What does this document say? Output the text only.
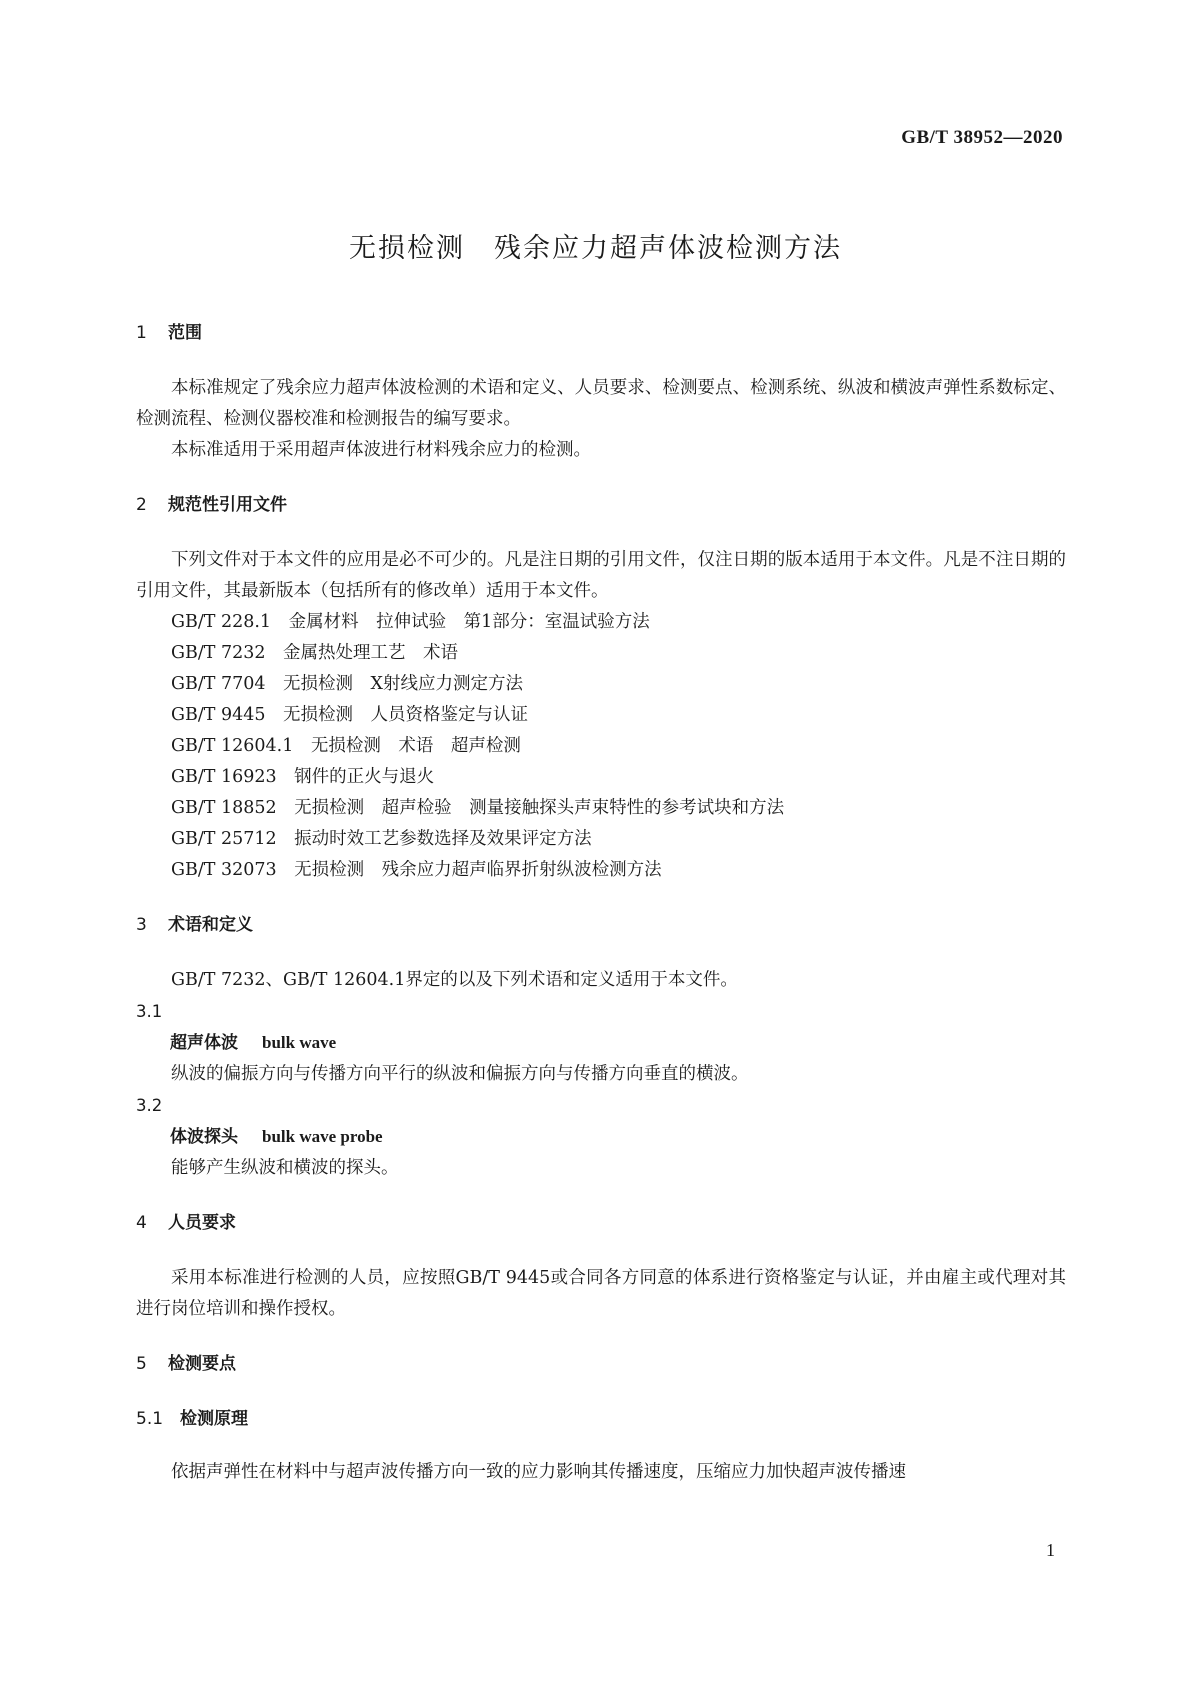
GB/T 38952—2020
无损检测　残余应力超声体波检测方法

1 范围

本标准规定了残余应力超声体波检测的术语和定义、人员要求、检测要点、检测系统、纵波和横波声弹性系数标定、检测流程、检测仪器校准和检测报告的编写要求。

本标准适用于采用超声体波进行材料残余应力的检测。

2 规范性引用文件

下列文件对于本文件的应用是必不可少的。凡是注日期的引用文件，仅注日期的版本适用于本文件。凡是不注日期的引用文件，其最新版本（包括所有的修改单）适用于本文件。

GB/T 228.1　金属材料　拉伸试验　第1部分：室温试验方法

GB/T 7232　金属热处理工艺　术语

GB/T 7704　无损检测　X射线应力测定方法

GB/T 9445　无损检测　人员资格鉴定与认证

GB/T 12604.1　无损检测　术语　超声检测

GB/T 16923　钢件的正火与退火

GB/T 18852　无损检测　超声检验　测量接触探头声束特性的参考试块和方法

GB/T 25712　振动时效工艺参数选择及效果评定方法

GB/T 32073　无损检测　残余应力超声临界折射纵波检测方法

3 术语和定义

GB/T 7232、GB/T 12604.1界定的以及下列术语和定义适用于本文件。

3.1

超声体波 bulk wave

纵波的偏振方向与传播方向平行的纵波和偏振方向与传播方向垂直的横波。

3.2

体波探头 bulk wave probe

能够产生纵波和横波的探头。

4 人员要求

采用本标准进行检测的人员，应按照GB/T 9445或合同各方同意的体系进行资格鉴定与认证，并由雇主或代理对其进行岗位培训和操作授权。

5 检测要点

5.1 检测原理

依据声弹性在材料中与超声波传播方向一致的应力影响其传播速度，压缩应力加快超声波传播速

1
